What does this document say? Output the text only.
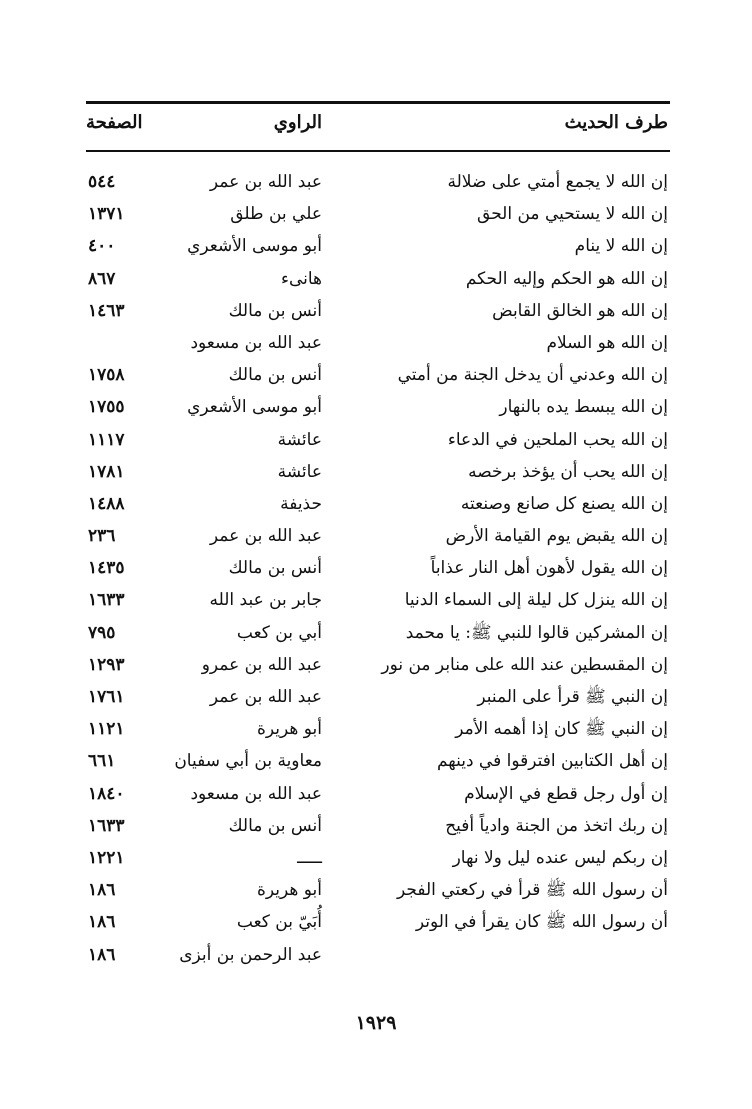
طرف الحديث
الراوي
الصفحة
إن الله لا يجمع أمتي على ضلالة
عبد الله بن عمر
٥٤٤
إن الله لا يستحيي من الحق
علي بن طلق
١٣٧١
إن الله لا ينام
أبو موسى الأشعري
٤٠٠
إن الله هو الحكم وإليه الحكم
هانىء
٨٦٧
إن الله هو الخالق القابض
أنس بن مالك
١٤٦٣
إن الله هو السلام
عبد الله بن مسعود
إن الله وعدني أن يدخل الجنة من أمتي
أنس بن مالك
١٧٥٨
إن الله يبسط يده بالنهار
أبو موسى الأشعري
١٧٥٥
إن الله يحب الملحين في الدعاء
عائشة
١١١٧
إن الله يحب أن يؤخذ برخصه
عائشة
١٧٨١
إن الله يصنع كل صانع وصنعته
حذيفة
١٤٨٨
إن الله يقبض يوم القيامة الأرض
عبد الله بن عمر
٢٣٦
إن الله يقول لأهون أهل النار عذاباً
أنس بن مالك
١٤٣٥
إن الله ينزل كل ليلة إلى السماء الدنيا
جابر بن عبد الله
١٦٣٣
إن المشركين قالوا للنبي ﷺ: يا محمد
أبي بن كعب
٧٩٥
إن المقسطين عند الله على منابر من نور
عبد الله بن عمرو
١٢٩٣
إن النبي ﷺ قرأ على المنبر
عبد الله بن عمر
١٧٦١
إن النبي ﷺ كان إذا أهمه الأمر
أبو هريرة
١١٢١
إن أهل الكتابين افترقوا في دينهم
معاوية بن أبي سفيان
٦٦١
إن أول رجل قطع في الإسلام
عبد الله بن مسعود
١٨٤٠
إن ربك اتخذ من الجنة وادياً أفيح
أنس بن مالك
١٦٣٣
إن ربكم ليس عنده ليل ولا نهار
ـــــ
١٢٢١
أن رسول الله ﷺ قرأ في ركعتي الفجر
أبو هريرة
١٨٦
أن رسول الله ﷺ كان يقرأ في الوتر
أُبَيّ بن كعب
١٨٦
عبد الرحمن بن أبزى
١٨٦
١٩٢٩
